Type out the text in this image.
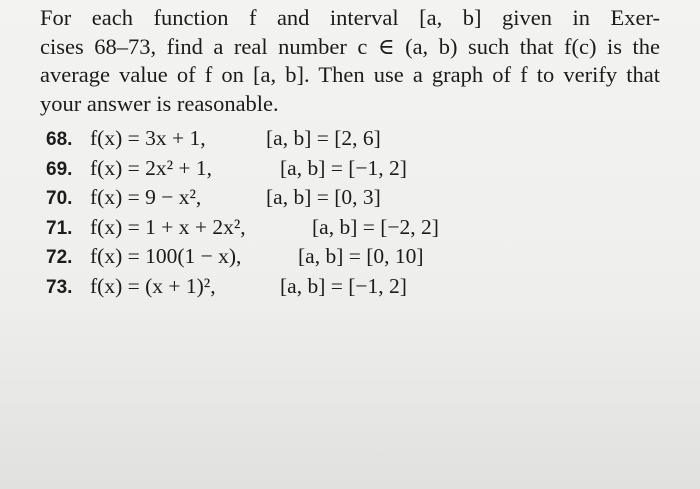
For each function f and interval [a, b] given in Exer-
cises 68–73, find a real number c ∈ (a, b) such that f(c) is the
average value of f on [a, b]. Then use a graph of f to verify that
your answer is reasonable.

68. f(x) = 3x + 1,	[a, b] = [2, 6]
69. f(x) = 2x² + 1,	[a, b] = [−1, 2]
70. f(x) = 9 − x²,	[a, b] = [0, 3]
71. f(x) = 1 + x + 2x²,	[a, b] = [−2, 2]
72. f(x) = 100(1 − x),	[a, b] = [0, 10]
73. f(x) = (x + 1)²,	[a, b] = [−1, 2]
